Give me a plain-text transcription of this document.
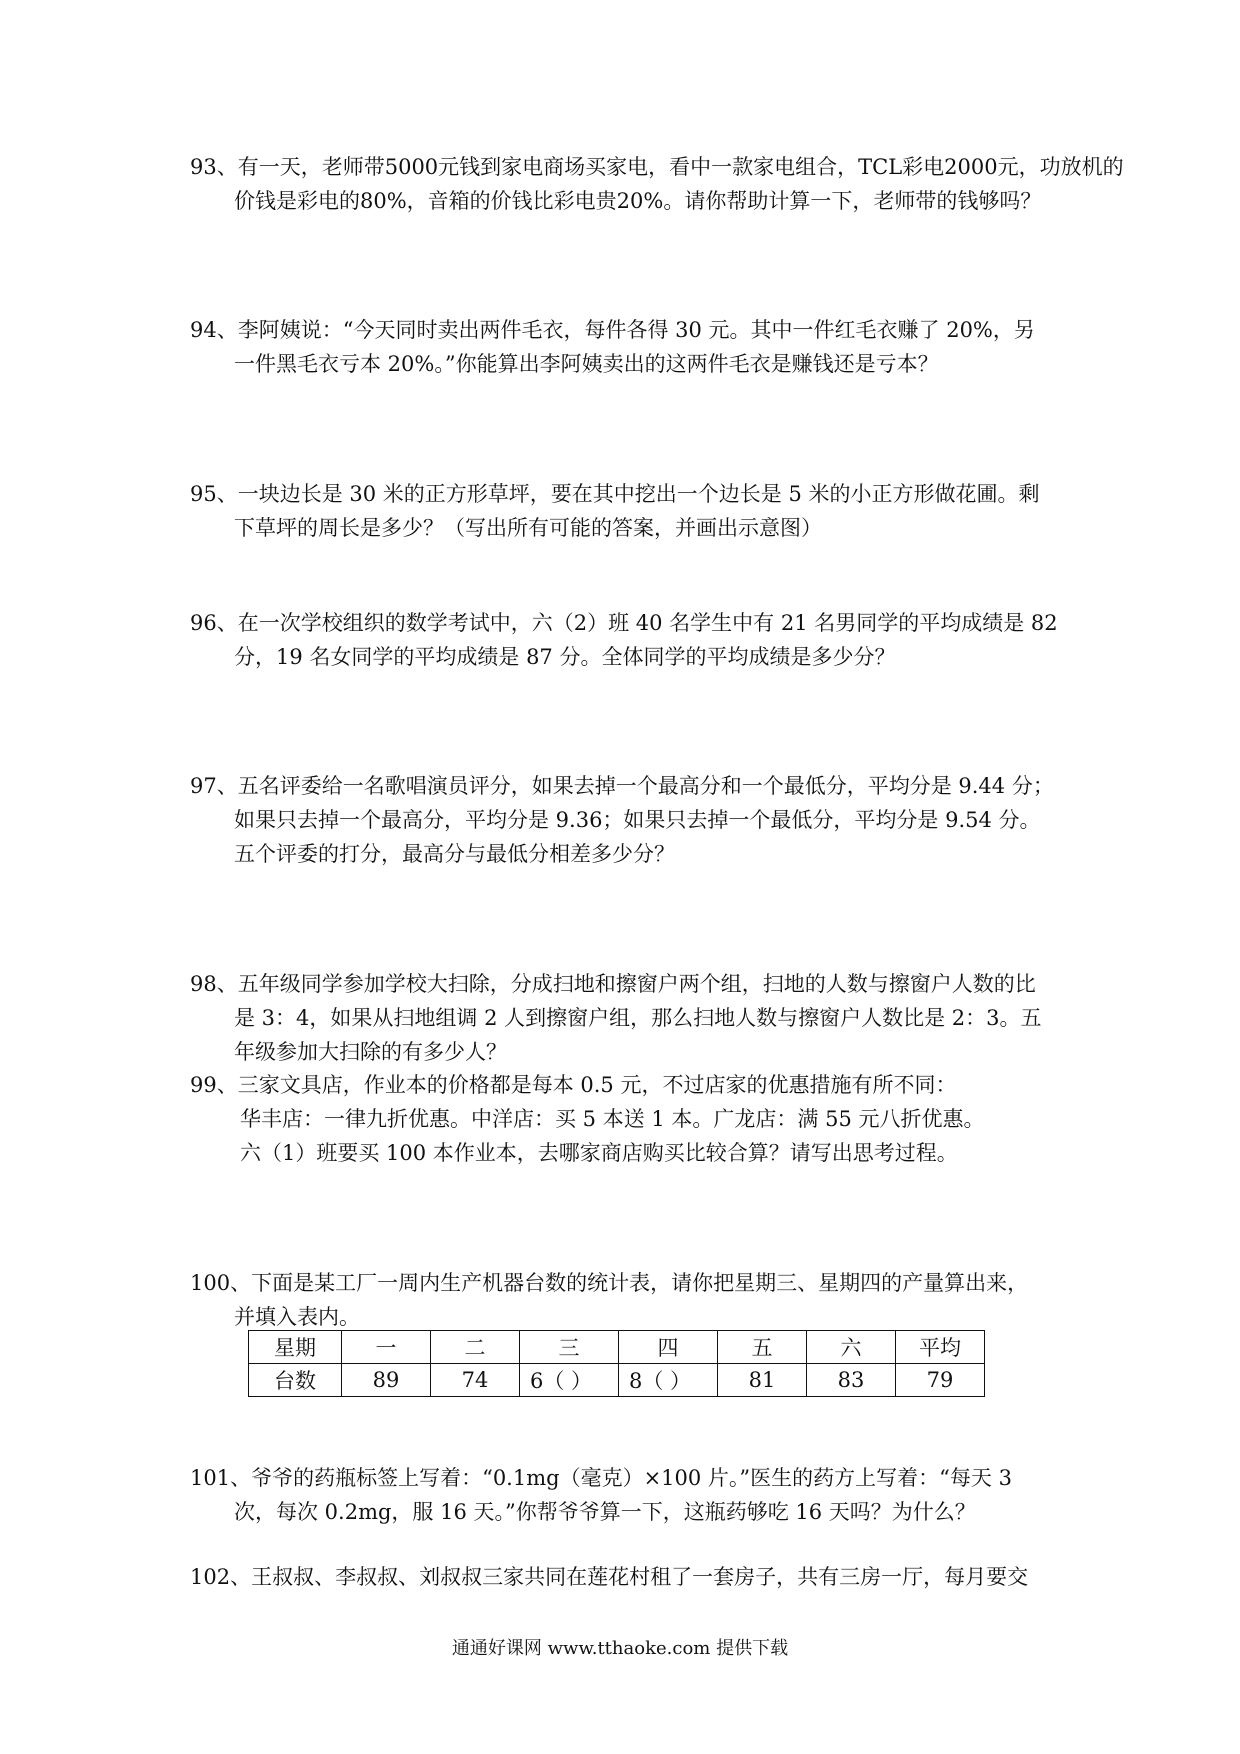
93、有一天，老师带5000元钱到家电商场买家电，看中一款家电组合，TCL彩电2000元，功放机的
价钱是彩电的80%，音箱的价钱比彩电贵20%。请你帮助计算一下，老师带的钱够吗？
94、李阿姨说：“今天同时卖出两件毛衣，每件各得 30 元。其中一件红毛衣赚了 20%，另
一件黑毛衣亏本 20%。”你能算出李阿姨卖出的这两件毛衣是赚钱还是亏本？
95、一块边长是 30 米的正方形草坪，要在其中挖出一个边长是 5 米的小正方形做花圃。剩
下草坪的周长是多少？（写出所有可能的答案，并画出示意图）
96、在一次学校组织的数学考试中，六（2）班 40 名学生中有 21 名男同学的平均成绩是 82
分，19 名女同学的平均成绩是 87 分。全体同学的平均成绩是多少分？
97、五名评委给一名歌唱演员评分，如果去掉一个最高分和一个最低分，平均分是 9.44 分；
如果只去掉一个最高分，平均分是 9.36；如果只去掉一个最低分，平均分是 9.54 分。
五个评委的打分，最高分与最低分相差多少分？
98、五年级同学参加学校大扫除，分成扫地和擦窗户两个组，扫地的人数与擦窗户人数的比
是 3：4，如果从扫地组调 2 人到擦窗户组，那么扫地人数与擦窗户人数比是 2：3。五
年级参加大扫除的有多少人？
99、三家文具店，作业本的价格都是每本 0.5 元，不过店家的优惠措施有所不同：
华丰店：一律九折优惠。中洋店：买 5 本送 1 本。广龙店：满 55 元八折优惠。
六（1）班要买 100 本作业本，去哪家商店购买比较合算？请写出思考过程。
100、下面是某工厂一周内生产机器台数的统计表，请你把星期三、星期四的产量算出来，
并填入表内。
星期	一	二	三	四	五	六	平均
台数	89	74	6（ ）	8（ ）	81	83	79
101、爷爷的药瓶标签上写着：“0.1mg（毫克）×100 片。”医生的药方上写着：“每天 3
次，每次 0.2mg，服 16 天。”你帮爷爷算一下，这瓶药够吃 16 天吗？为什么？
102、王叔叔、李叔叔、刘叔叔三家共同在莲花村租了一套房子，共有三房一厅，每月要交
通通好课网 www.tthaoke.com 提供下载
